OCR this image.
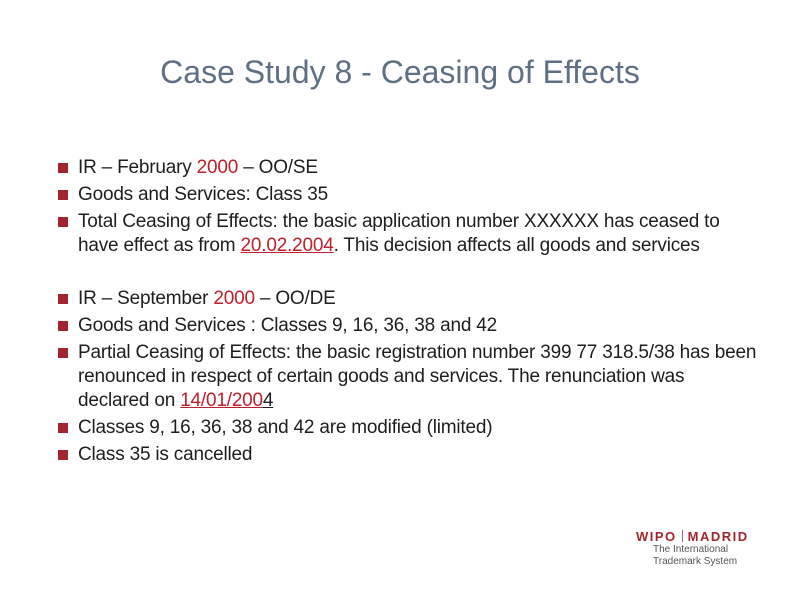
Case Study 8 - Ceasing of Effects
IR – February 2000 – OO/SE
Goods and Services: Class 35
Total Ceasing of Effects: the basic application number XXXXXX has ceased to have effect as from 20.02.2004. This decision affects all goods and services
IR – September 2000 – OO/DE
Goods and Services : Classes 9, 16, 36, 38 and 42
Partial Ceasing of Effects: the basic registration number 399 77 318.5/38 has been renounced in respect of certain goods and services. The renunciation was declared on 14/01/2004
Classes 9, 16, 36, 38 and 42 are modified (limited)
Class 35 is cancelled
WIPO MADRID
The International
Trademark System
